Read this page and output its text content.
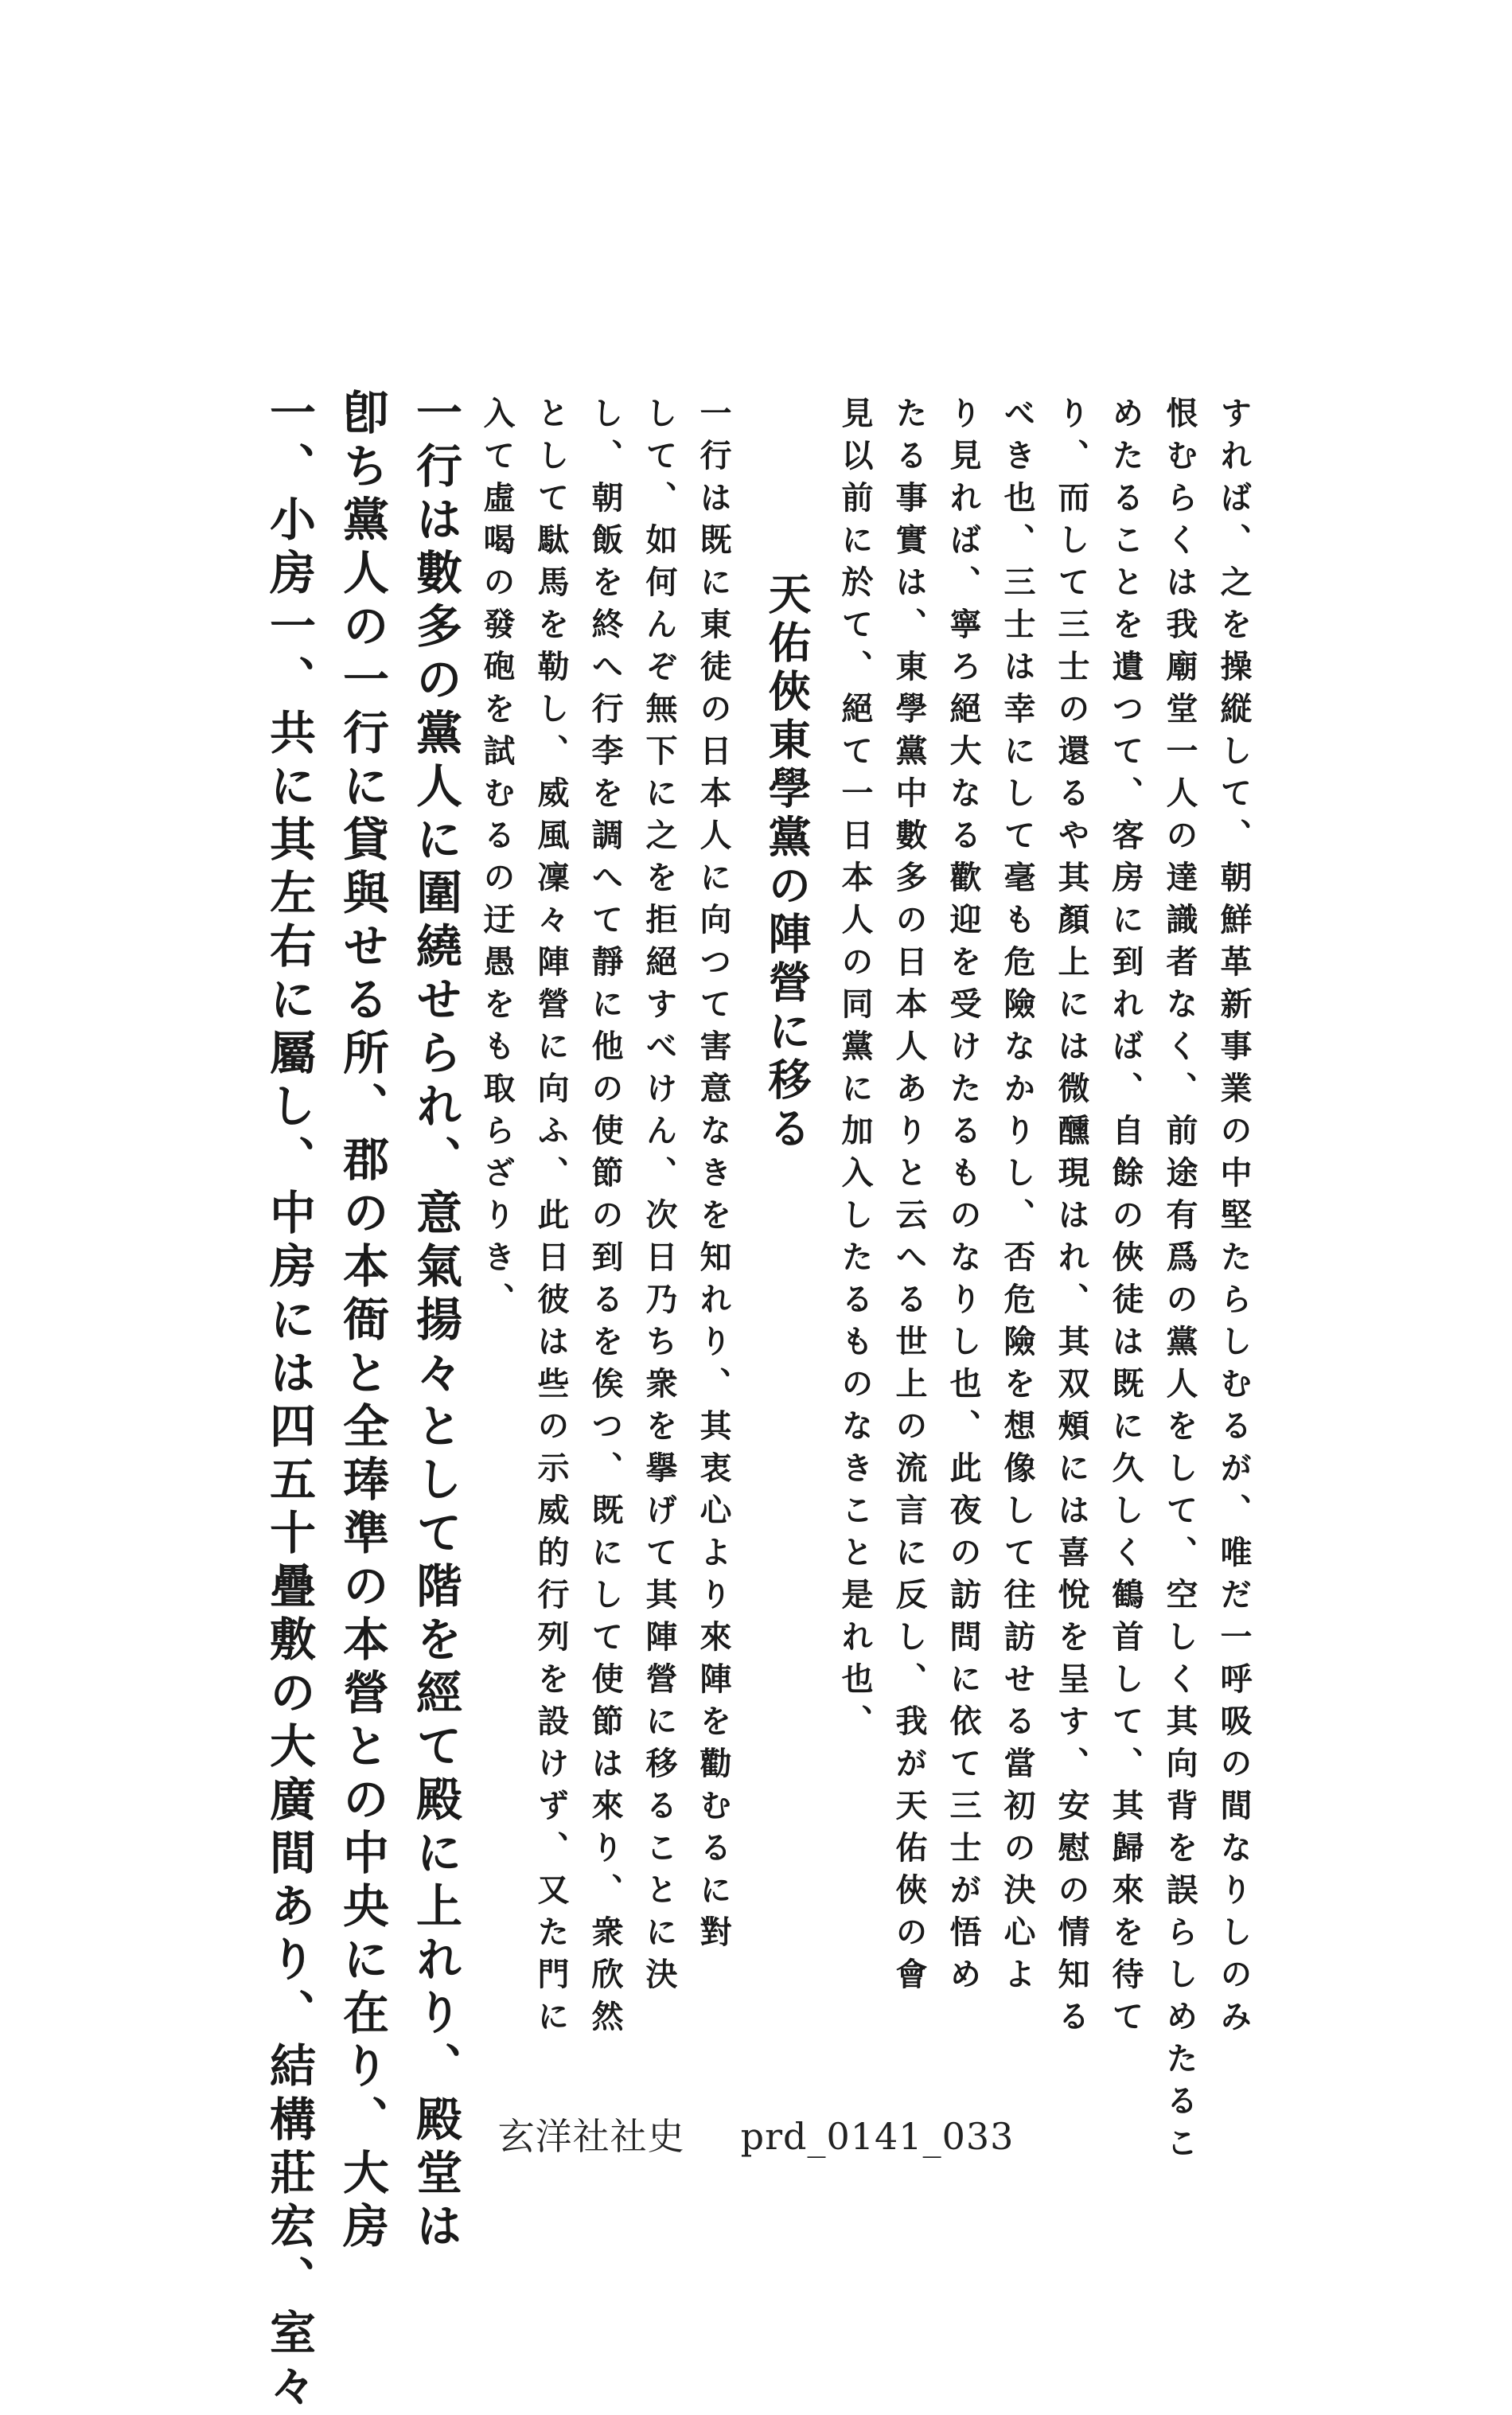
すれば、之を操縦して、朝鮮革新事業の中堅たらしむるが、唯だ一呼吸の間なりしのみ
恨むらくは我廟堂一人の達識者なく、前途有爲の黨人をして、空しく其向背を誤らしめたるこ
めたることを遺つて、客房に到れば、自餘の俠徒は既に久しく鶴首して、其歸來を待て
り、而して三士の還るや其顏上には微醺現はれ、其双頰には喜悅を呈す、安慰の情知る
べき也、三士は幸にして毫も危險なかりし、否危險を想像して往訪せる當初の決心よ
り見れば、寧ろ絕大なる歡迎を受けたるものなりし也、此夜の訪問に依て三士が悟め
たる事實は、東學黨中數多の日本人ありと云へる世上の流言に反し、我が天佑俠の會
見以前に於て、絕て一日本人の同黨に加入したるものなきこと是れ也、
天佑俠東學黨の陣營に移る
一行は既に東徒の日本人に向つて害意なきを知れり、其衷心より來陣を勸むるに對
して、如何んぞ無下に之を拒絕すべけん、次日乃ち衆を擧げて其陣營に移ることに決
し、朝飯を終へ行李を調へて靜に他の使節の到るを俟つ、既にして使節は來り、衆欣然
として駄馬を勒し、威風凜々陣營に向ふ、此日彼は些の示威的行列を設けず、又た門に
入て虛喝の發砲を試むるの迂愚をも取らざりき、
一行は數多の黨人に圍繞せられ、意氣揚々として階を經て殿に上れり、殿堂は
卽ち黨人の一行に貸與せる所、郡の本衙と全琫準の本營との中央に在り、大房
一、小房一、共に其左右に屬し、中房には四五十疊敷の大廣間あり、結構莊宏、室々	玄洋社社史 prd_0141_033
